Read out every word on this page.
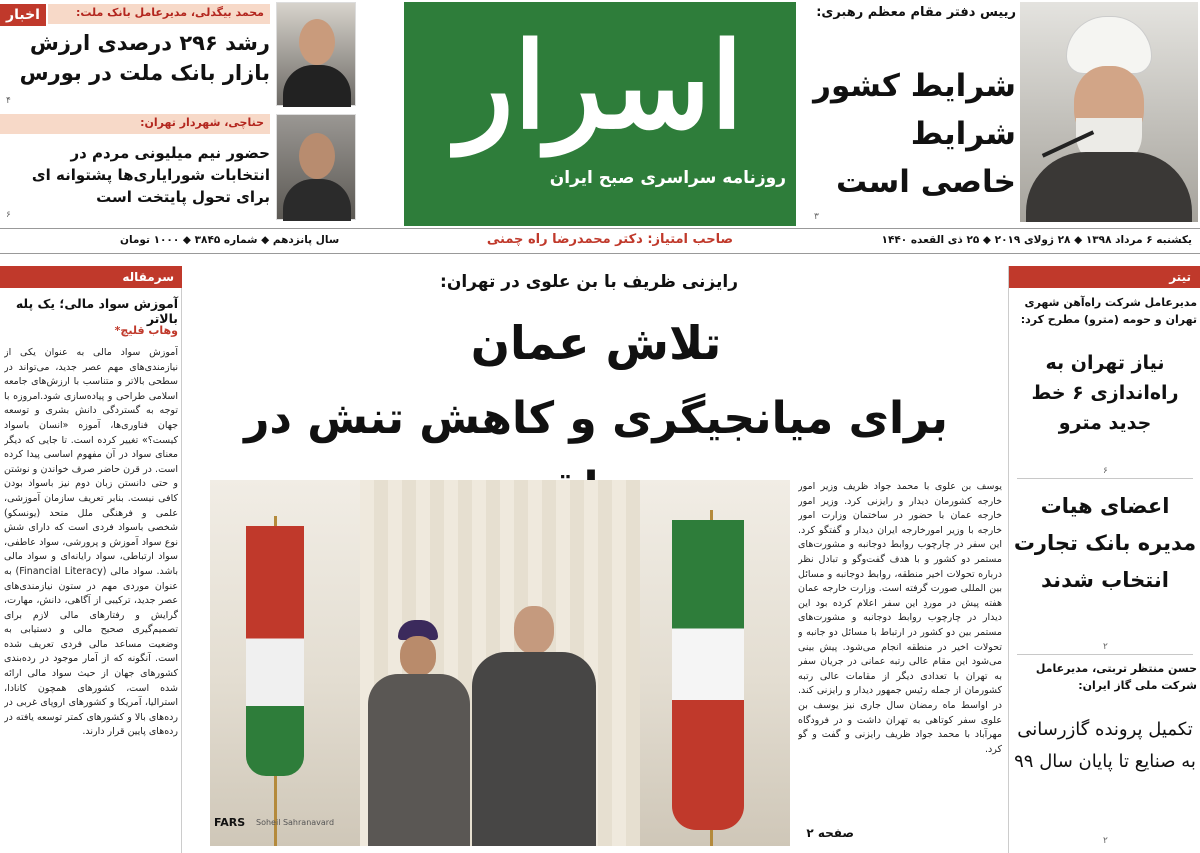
اخبار	محمد بیگدلی، مدیرعامل بانک ملت:
رشد ۲۹۶ درصدی ارزش بازار بانک ملت در بورس
۴
حناچی، شهردار تهران:
حضور نیم میلیونی مردم در انتخابات شورایاری‌ها پشتوانه ای برای تحول پایتخت است
۶
اسرار
روزنامه سراسری صبح ایران
رییس دفتر مقام معظم رهبری:
شرایط کشور شرایط خاصی است
۳
یکشنبه ۶ مرداد ۱۳۹۸ ◆ ۲۸ ژولای ۲۰۱۹ ◆ ۲۵ ذی القعده ۱۴۴۰
صاحب امتیاز: دکتر محمدرضا راه چمنی
سال پانزدهم ◆ شماره ۳۸۴۵ ◆ ۱۰۰۰ تومان
سرمقاله
آموزش سواد مالی؛ یک پله بالاتر
وهاب قلیچ*
آموزش سواد مالی به عنوان یکی از نیازمندی‌های مهم عصر جدید، می‌تواند در سطحی بالاتر و متناسب با ارزش‌های جامعه اسلامی طراحی و پیاده‌سازی شود.امروزه با توجه به گستردگی دانش بشری و توسعه جهان فناوری‌ها، آموزه «انسان باسواد کیست؟» تغییر کرده است. تا جایی که دیگر معنای سواد در آن مفهوم اساسی پیدا کرده است. در قرن حاضر صرف خواندن و نوشتن و حتی دانستن زبان دوم نیز باسواد بودن کافی نیست. بنابر تعریف سازمان آموزشی، علمی و فرهنگی ملل متحد (یونسکو) شخصی باسواد فردی است که دارای شش نوع سواد آموزش و پرورشی، سواد عاطفی، سواد ارتباطی، سواد رایانه‌ای و سواد مالی باشد. سواد مالی (Financial Literacy) به عنوان موردی مهم در ستون نیازمندی‌های عصر جدید، ترکیبی از آگاهی، دانش، مهارت، گرایش و رفتارهای مالی لازم برای تصمیم‌گیری صحیح مالی و دستیابی به وضعیت مساعد مالی فردی تعریف شده است. آنگونه که از آمار موجود در رده‌بندی کشورهای جهان از حیث سواد مالی ارائه شده است، کشورهای همچون کانادا، استرالیا، آمریکا و کشورهای اروپای غربی در رده‌های بالا و کشورهای کمتر توسعه یافته در رده‌های پایین قرار دارند.
رایزنی ظریف با بن علوی در تهران:
تلاش عمان
برای میانجیگری و کاهش تنش در
FARS Soheil Sahranavard
یوسف بن علوی با محمد جواد ظریف وزیر امور خارجه کشورمان دیدار و رایزنی کرد. وزیر امور خارجه عمان با حضور در ساختمان وزارت امور خارجه با وزیر امورخارجه ایران دیدار و گفتگو کرد. این سفر در چارچوب روابط دوجانبه و مشورت‌های مستمر دو کشور و با هدف گفت‌وگو و تبادل نظر درباره تحولات اخیر منطقه، روابط دوجانبه و مسائل بین المللی صورت گرفته است. وزارت خارجه عمان هفته پیش در موردِ این سفر اعلام کرده بود این دیدار در چارچوب روابط دوجانبه و مشورت‌های مستمر بین دو کشور در ارتباط با مسائل دو جانبه و تحولات اخیر در منطقه انجام می‌شود. پیش بینی می‌شود این مقام عالی رتبه عمانی در جریان سفر به تهران با تعدادی دیگر از مقامات عالی رتبه کشورمان از جمله رئیس جمهور دیدار و رایزنی کند. در اواسط ماه رمضان سال جاری نیز یوسف بن علوی سفر کوتاهی به تهران داشت و در فرودگاه مهرآباد با محمد جواد ظریف رایزنی و گفت و گو کرد.
صفحه ۲
تیتر
مدیرعامل شرکت راه‌آهن شهری تهران و حومه (مترو) مطرح کرد:
نیاز تهران به راه‌اندازی ۶ خط جدید مترو
۶
اعضای هیات مدیره بانک تجارت انتخاب شدند
۲
حسن منتظر تربتی، مدیرعامل شرکت ملی گاز ایران:
تکمیل پرونده گازرسانی به صنایع تا پایان سال ۹۹
۲
